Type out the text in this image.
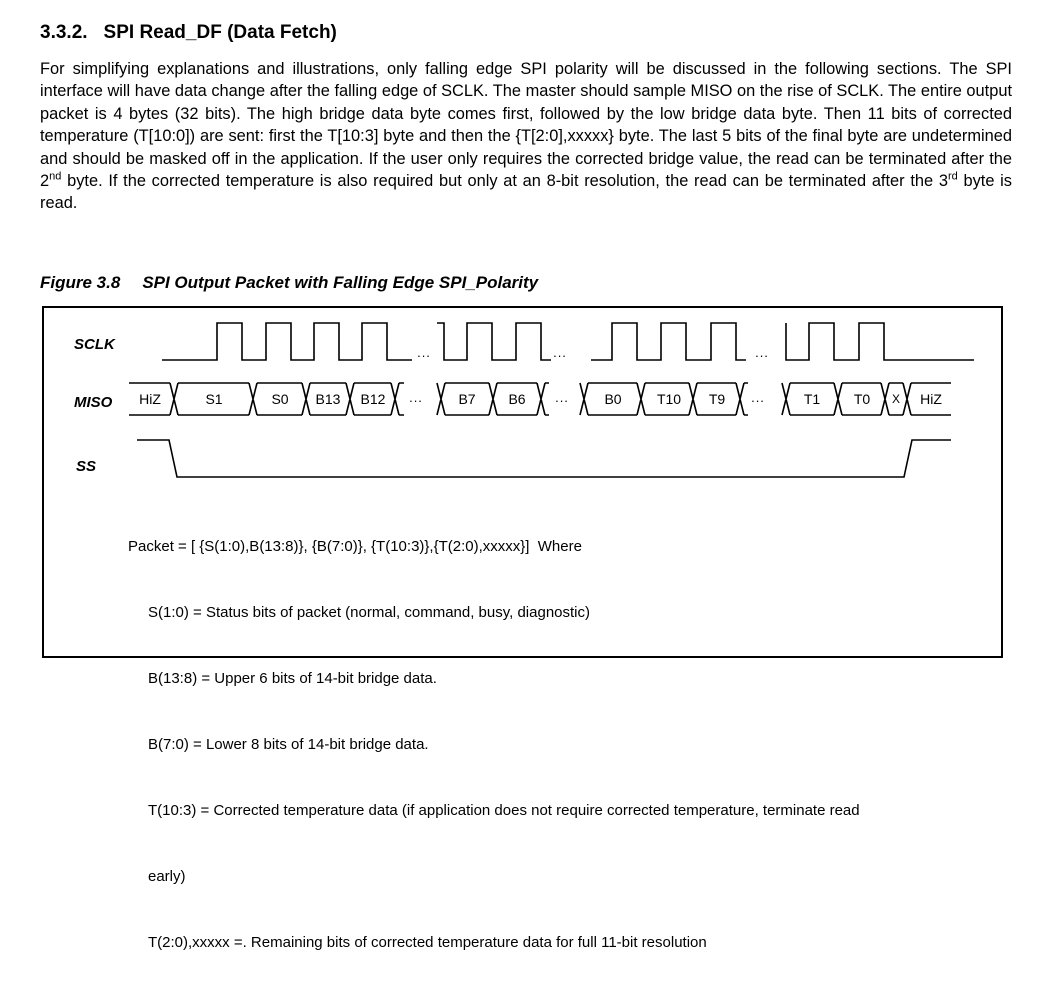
3.3.2. SPI Read_DF (Data Fetch)
For simplifying explanations and illustrations, only falling edge SPI polarity will be discussed in the following sections. The SPI interface will have data change after the falling edge of SCLK. The master should sample MISO on the rise of SCLK. The entire output packet is 4 bytes (32 bits). The high bridge data byte comes first, followed by the low bridge data byte. Then 11 bits of corrected temperature (T[10:0]) are sent: first the T[10:3] byte and then the {T[2:0],xxxxx} byte. The last 5 bits of the final byte are undetermined and should be masked off in the application. If the user only requires the corrected bridge value, the read can be terminated after the 2nd byte. If the corrected temperature is also required but only at an 8-bit resolution, the read can be terminated after the 3rd byte is read.
Figure 3.8 SPI Output Packet with Falling Edge SPI_Polarity
SCLK
MISO
SS
HiZ	S1	S0 B13 B12	B7 B6	B0	T10 T9	T1 T0 X HiZ
...	...	...
...	...	...

Packet = [ {S(1:0),B(13:8)}, {B(7:0)}, {T(10:3)},{T(2:0),xxxxx}]  Where

S(1:0) = Status bits of packet (normal, command, busy, diagnostic)

B(13:8) = Upper 6 bits of 14-bit bridge data.

B(7:0) = Lower 8 bits of 14-bit bridge data.

T(10:3) = Corrected temperature data (if application does not require corrected temperature, terminate read

early)

T(2:0),xxxxx =. Remaining bits of corrected temperature data for full 11-bit resolution
